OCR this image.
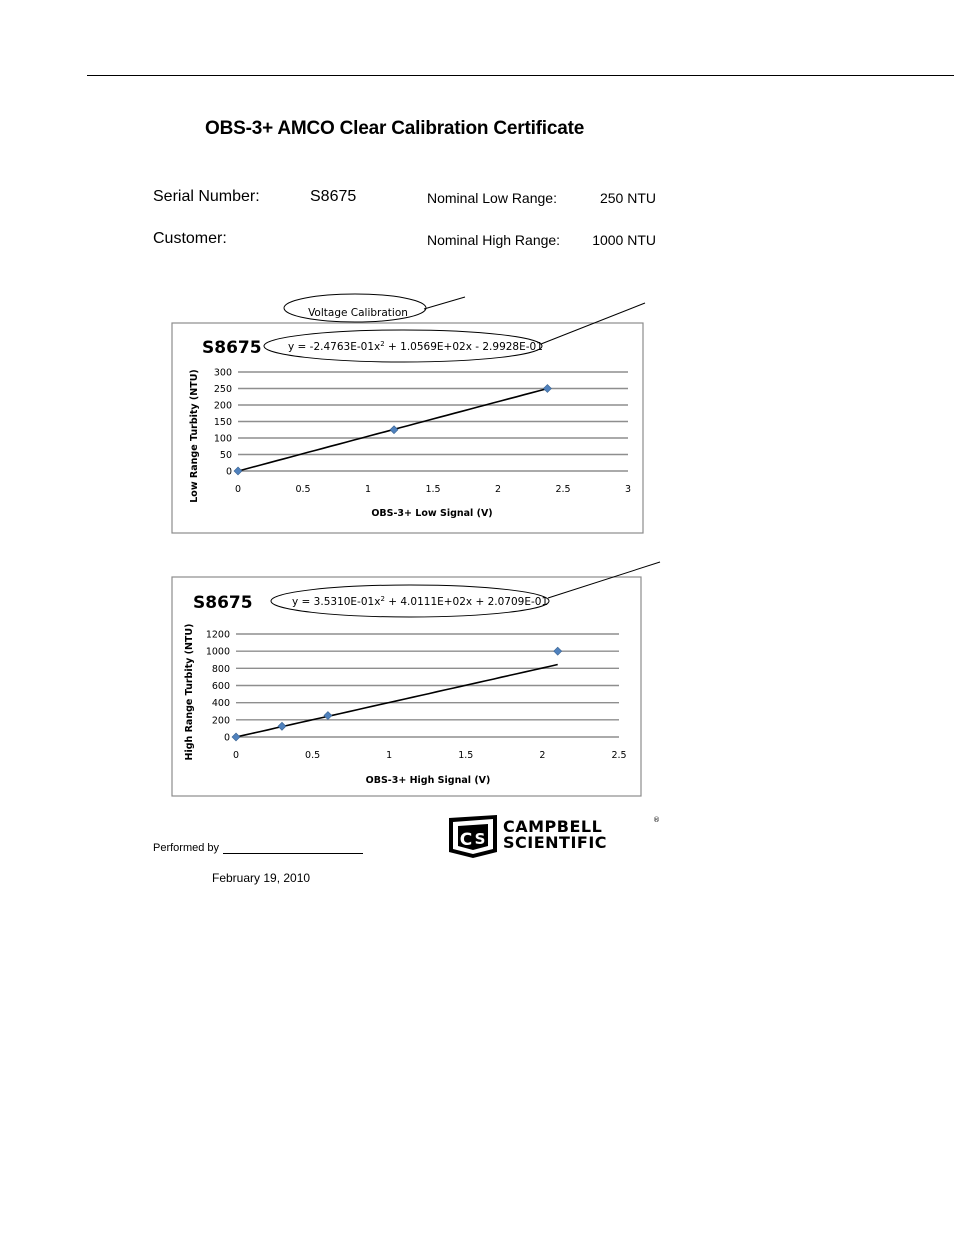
OBS-3+ AMCO Clear Calibration Certificate
Serial Number:	S8675
Customer:
Nominal Low Range:	250 NTU
Nominal High Range:	1000 NTU
Voltage Calibration
S8675	$y = -2.4763E-01x^2 + 1.0569E+02x - 2.9928E-01$
0	0.5	1	1.5	2	2.5	3
0
50
100
150
200
250
300
OBS-3+ Low Signal (V)
Low Range Turbity (NTU)
S8675	$y = 3.5310E-01x^2 + 4.0111E+02x + 2.0709E-01$
0	0.5	1	1.5	2	2.5
0
200
400
600
800
1000
1200
OBS-3+ High Signal (V)
High Range Turbity (NTU)
C S
CAMPBELL
SCIENTIFIC
®
Performed by
February 19, 2010
